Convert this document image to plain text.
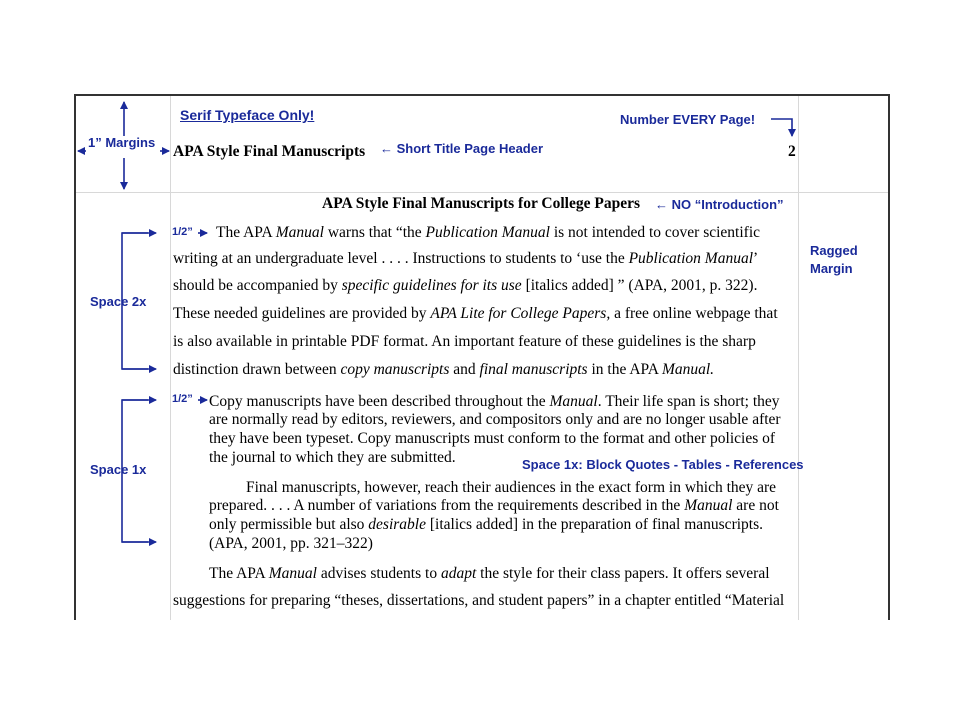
Serif Typeface Only!	Number EVERY Page!
1” Margins	← Short Title Page Header
← NO “Introduction”
1/2”
1/2”
Ragged
Margin
Space 2x
Space 1x	Space 1x: Block Quotes - Tables - References
APA Style Final Manuscripts	2
APA Style Final Manuscripts for College Papers
The APA Manual warns that “the Publication Manual is not intended to cover scientific
writing at an undergraduate level . . . . Instructions to students to ‘use the Publication Manual’
should be accompanied by specific guidelines for its use [italics added] ” (APA, 2001, p. 322).
These needed guidelines are provided by APA Lite for College Papers, a free online webpage that
is also available in printable PDF format. An important feature of these guidelines is the sharp
distinction drawn between copy manuscripts and final manuscripts in the APA Manual.
Copy manuscripts have been described throughout the Manual. Their life span is short; they
are normally read by editors, reviewers, and compositors only and are no longer usable after
they have been typeset. Copy manuscripts must conform to the format and other policies of
the journal to which they are submitted.
Final manuscripts, however, reach their audiences in the exact form in which they are
prepared. . . . A number of variations from the requirements described in the Manual are not
only permissible but also desirable [italics added] in the preparation of final manuscripts.
(APA, 2001, pp. 321–322)
The APA Manual advises students to adapt the style for their class papers. It offers several
suggestions for preparing “theses, dissertations, and student papers” in a chapter entitled “Material
